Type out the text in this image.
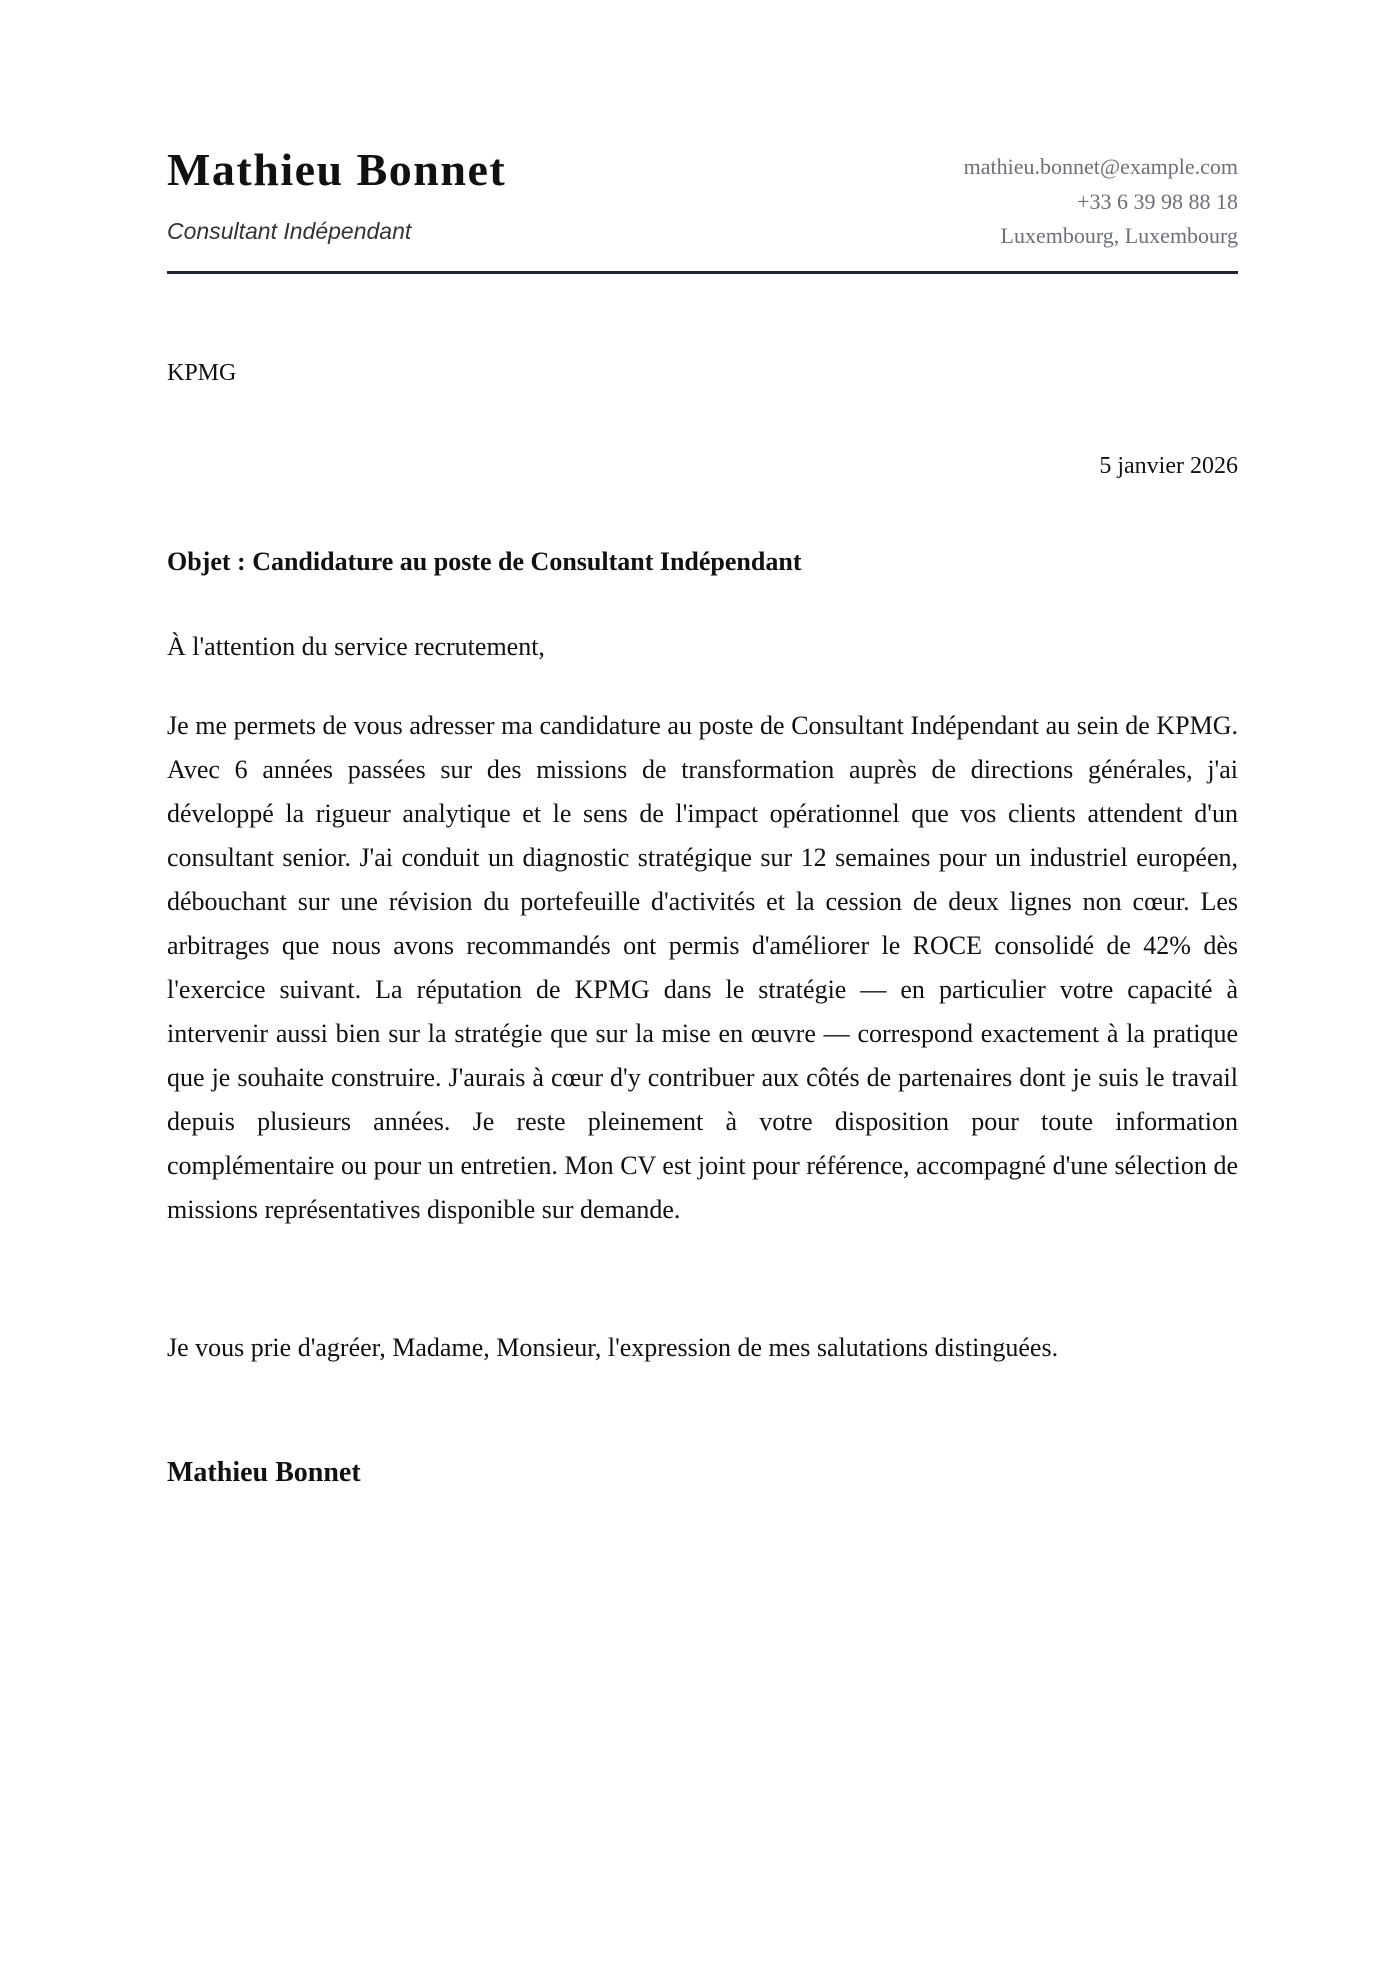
Mathieu Bonnet
Consultant Indépendant
mathieu.bonnet@example.com
+33 6 39 98 88 18
Luxembourg, Luxembourg
KPMG
5 janvier 2026
Objet : Candidature au poste de Consultant Indépendant
À l'attention du service recrutement,

Je me permets de vous adresser ma candidature au poste de Consultant Indépendant au sein de KPMG. Avec 6 années passées sur des missions de transformation auprès de directions générales, j'ai développé la rigueur analytique et le sens de l'impact opérationnel que vos clients attendent d'un consultant senior. J'ai conduit un diagnostic stratégique sur 12 semaines pour un industriel européen, débouchant sur une révision du portefeuille d'activités et la cession de deux lignes non cœur. Les arbitrages que nous avons recommandés ont permis d'améliorer le ROCE consolidé de 42% dès l'exercice suivant. La réputation de KPMG dans le stratégie — en particulier votre capacité à intervenir aussi bien sur la stratégie que sur la mise en œuvre — correspond exactement à la pratique que je souhaite construire. J'aurais à cœur d'y contribuer aux côtés de partenaires dont je suis le travail depuis plusieurs années. Je reste pleinement à votre disposition pour toute information complémentaire ou pour un entretien. Mon CV est joint pour référence, accompagné d'une sélection de missions représentatives disponible sur demande.

Je vous prie d'agréer, Madame, Monsieur, l'expression de mes salutations distinguées.
Mathieu Bonnet
